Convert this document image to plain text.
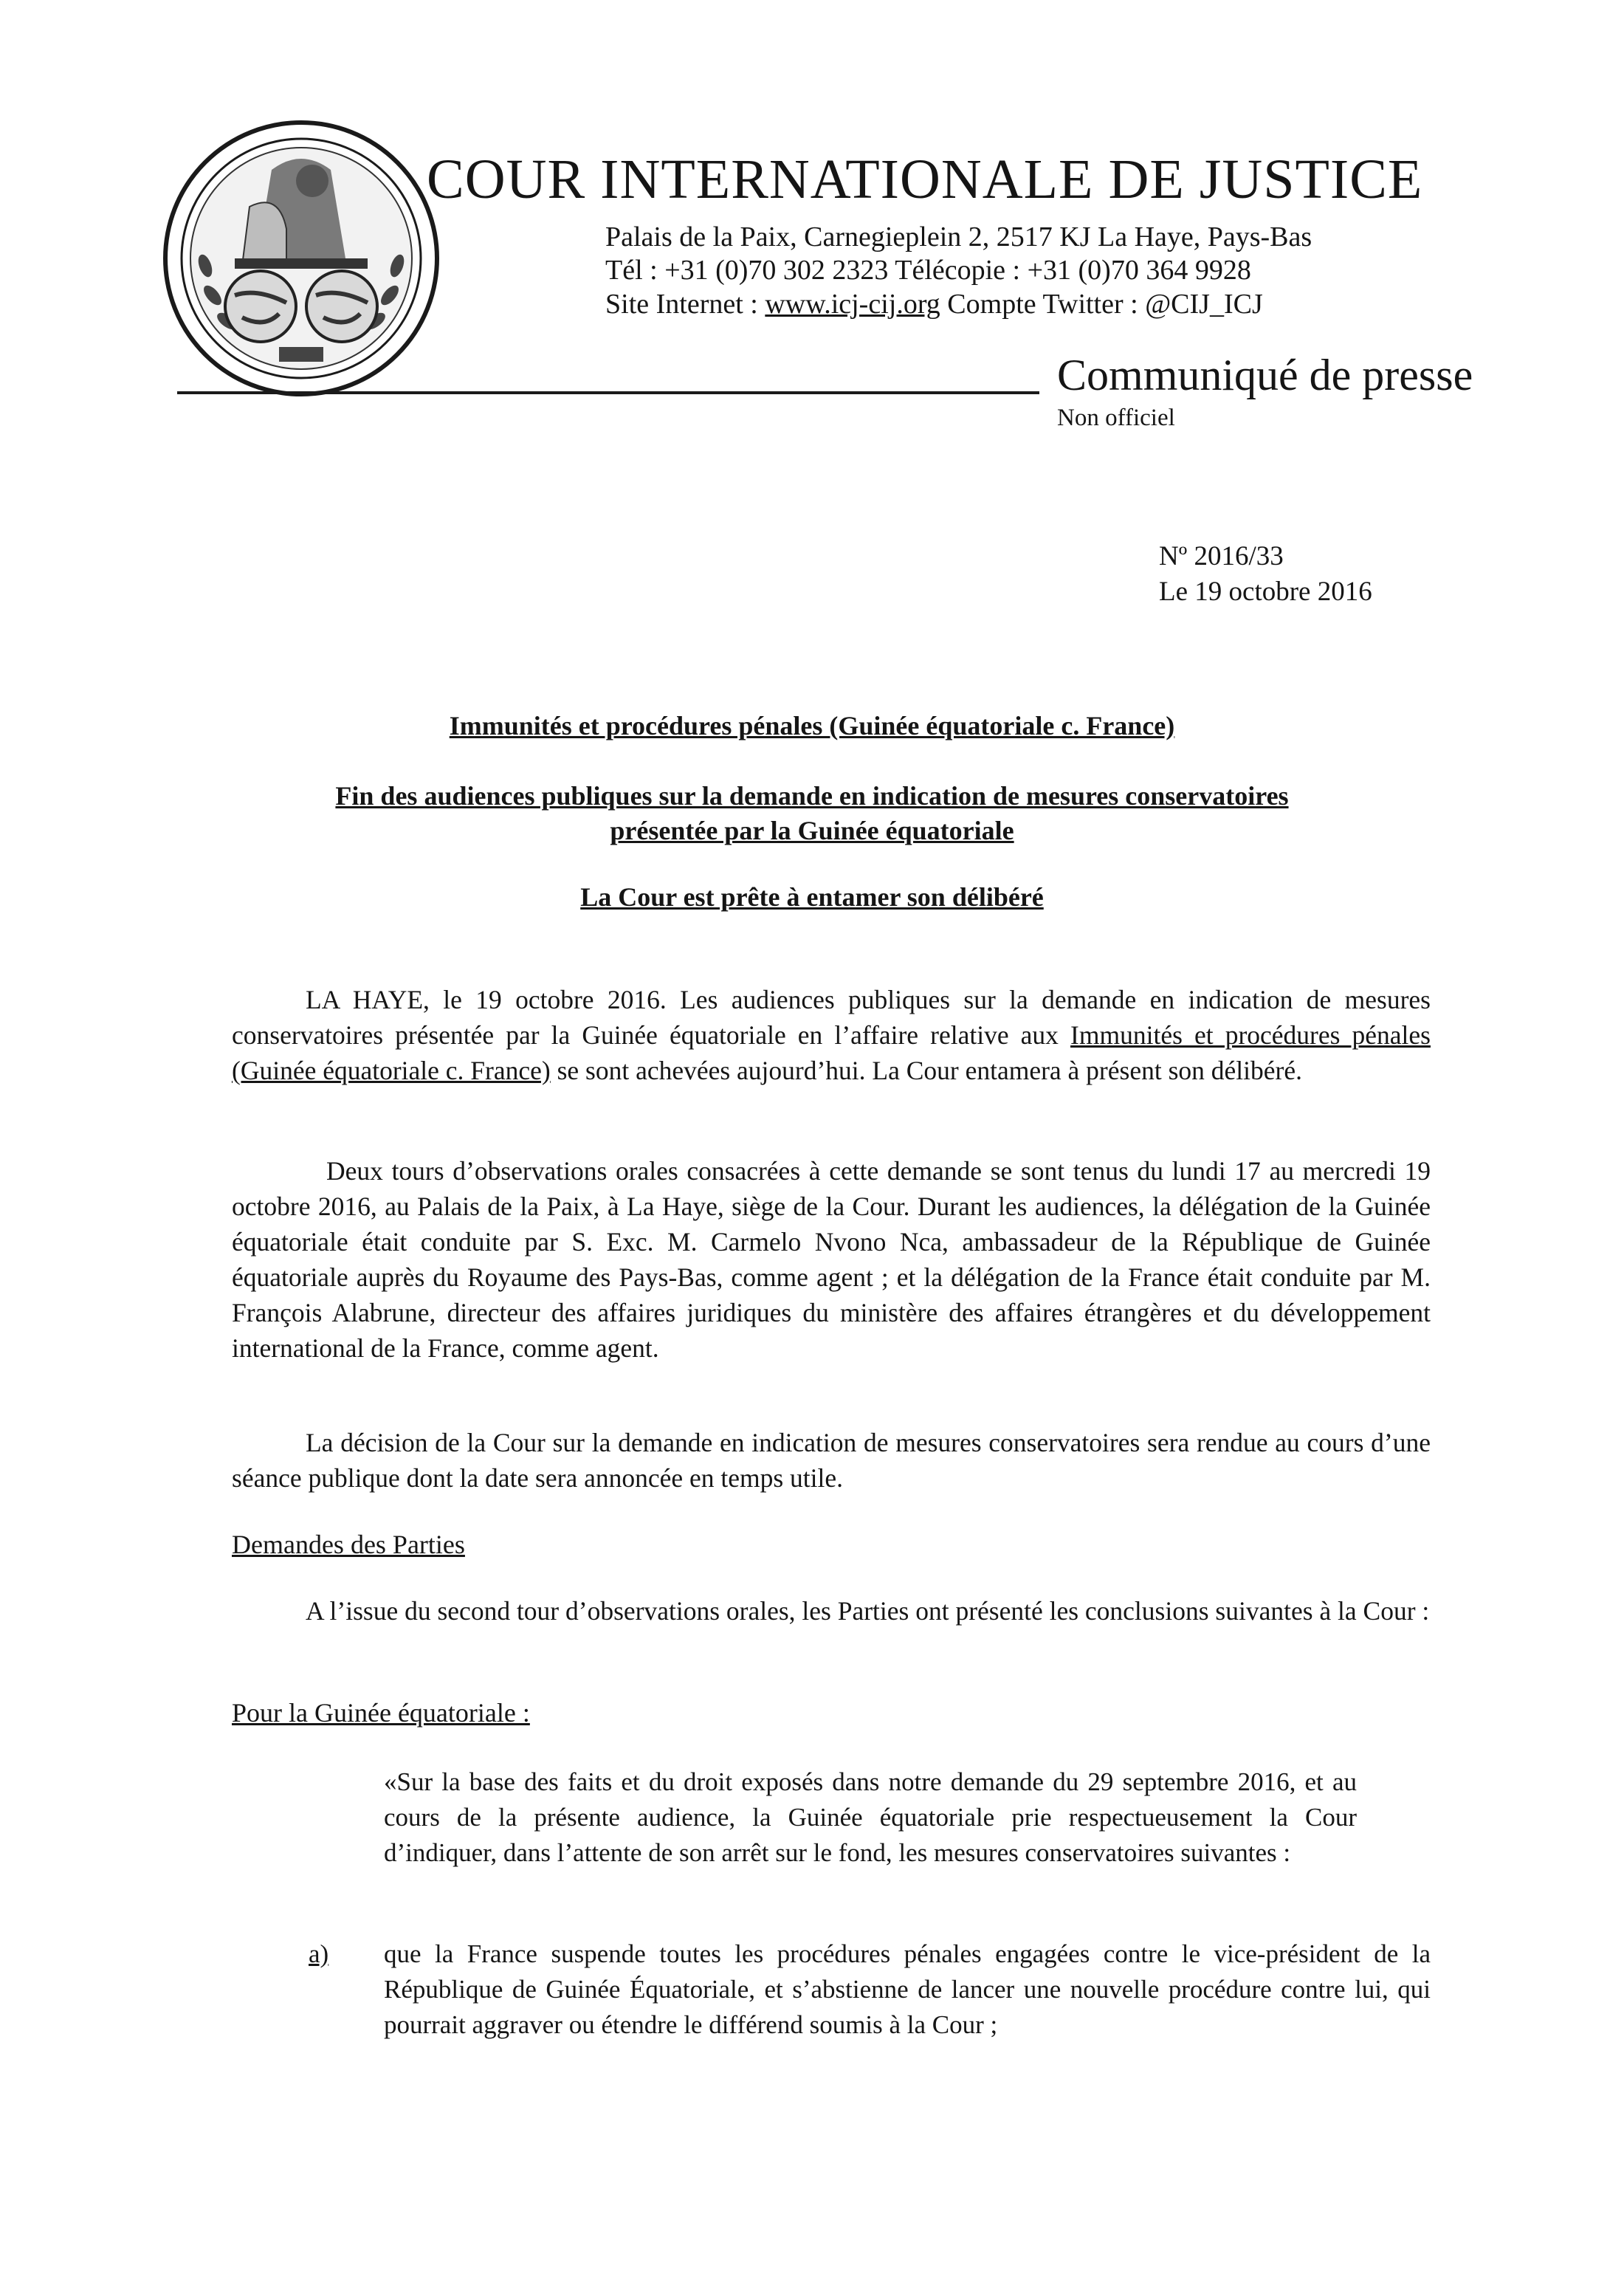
COUR INTERNATIONALE DE JUSTICE
Palais de la Paix, Carnegieplein 2, 2517 KJ La Haye, Pays-Bas
Tél : +31 (0)70 302 2323 Télécopie : +31 (0)70 364 9928
Site Internet : www.icj-cij.org Compte Twitter : @CIJ_ICJ
Communiqué de presse
Non officiel
Nº 2016/33
Le 19 octobre 2016
Immunités et procédures pénales (Guinée équatoriale c. France)
Fin des audiences publiques sur la demande en indication de mesures conservatoires
présentée par la Guinée équatoriale
La Cour est prête à entamer son délibéré
LA HAYE, le 19 octobre 2016. Les audiences publiques sur la demande en indication de mesures conservatoires présentée par la Guinée équatoriale en l’affaire relative aux Immunités et procédures pénales (Guinée équatoriale c. France) se sont achevées aujourd’hui. La Cour entamera à présent son délibéré.
Deux tours d’observations orales consacrées à cette demande se sont tenus du lundi 17 au mercredi 19 octobre 2016, au Palais de la Paix, à La Haye, siège de la Cour. Durant les audiences, la délégation de la Guinée équatoriale était conduite par S. Exc. M. Carmelo Nvono Nca, ambassadeur de la République de Guinée équatoriale auprès du Royaume des Pays-Bas, comme agent ; et la délégation de la France était conduite par M. François Alabrune, directeur des affaires juridiques du ministère des affaires étrangères et du développement international de la France, comme agent.
La décision de la Cour sur la demande en indication de mesures conservatoires sera rendue au cours d’une séance publique dont la date sera annoncée en temps utile.
Demandes des Parties
A l’issue du second tour d’observations orales, les Parties ont présenté les conclusions suivantes à la Cour :
Pour la Guinée équatoriale :
«Sur la base des faits et du droit exposés dans notre demande du 29 septembre 2016, et au cours de la présente audience, la Guinée équatoriale prie respectueusement la Cour d’indiquer, dans l’attente de son arrêt sur le fond, les mesures conservatoires suivantes :
a) que la France suspende toutes les procédures pénales engagées contre le vice-président de la République de Guinée Équatoriale, et s’abstienne de lancer une nouvelle procédure contre lui, qui pourrait aggraver ou étendre le différend soumis à la Cour ;
